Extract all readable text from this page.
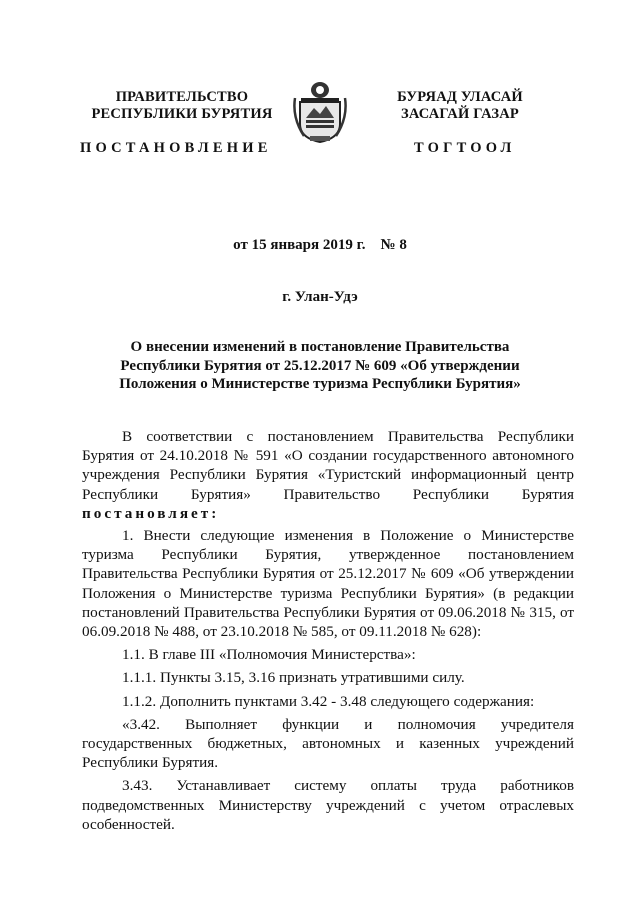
ПРАВИТЕЛЬСТВО

РЕСПУБЛИКИ БУРЯТИЯ

БУРЯАД УЛАСАЙ

ЗАСАГАЙ ГАЗАР

ПОСТАНОВЛЕНИЕ	ТОГТООЛ

от 15 января 2019 г. № 8

г. Улан-Удэ

О внесении изменений в постановление Правительства Республики Бурятия от 25.12.2017 № 609 «Об утверждении Положения о Министерстве туризма Республики Бурятия»

В соответствии с постановлением Правительства Республики Бурятия от 24.10.2018 № 591 «О создании государственного автономного учреждения Республики Бурятия «Туристский информационный центр Республики Бурятия» Правительство Республики Бурятия постановляет:

1. Внести следующие изменения в Положение о Министерстве туризма Республики Бурятия, утвержденное постановлением Правительства Республики Бурятия от 25.12.2017 № 609 «Об утверждении Положения о Министерстве туризма Республики Бурятия» (в редакции постановлений Правительства Республики Бурятия от 09.06.2018 № 315, от 06.09.2018 № 488, от 23.10.2018 № 585, от 09.11.2018 № 628):

1.1. В главе III «Полномочия Министерства»:

1.1.1. Пункты 3.15, 3.16 признать утратившими силу.

1.1.2. Дополнить пунктами 3.42 - 3.48 следующего содержания:

«3.42. Выполняет функции и полномочия учредителя государственных бюджетных, автономных и казенных учреждений Республики Бурятия.

3.43. Устанавливает систему оплаты труда работников подведомственных Министерству учреждений с учетом отраслевых особенностей.
